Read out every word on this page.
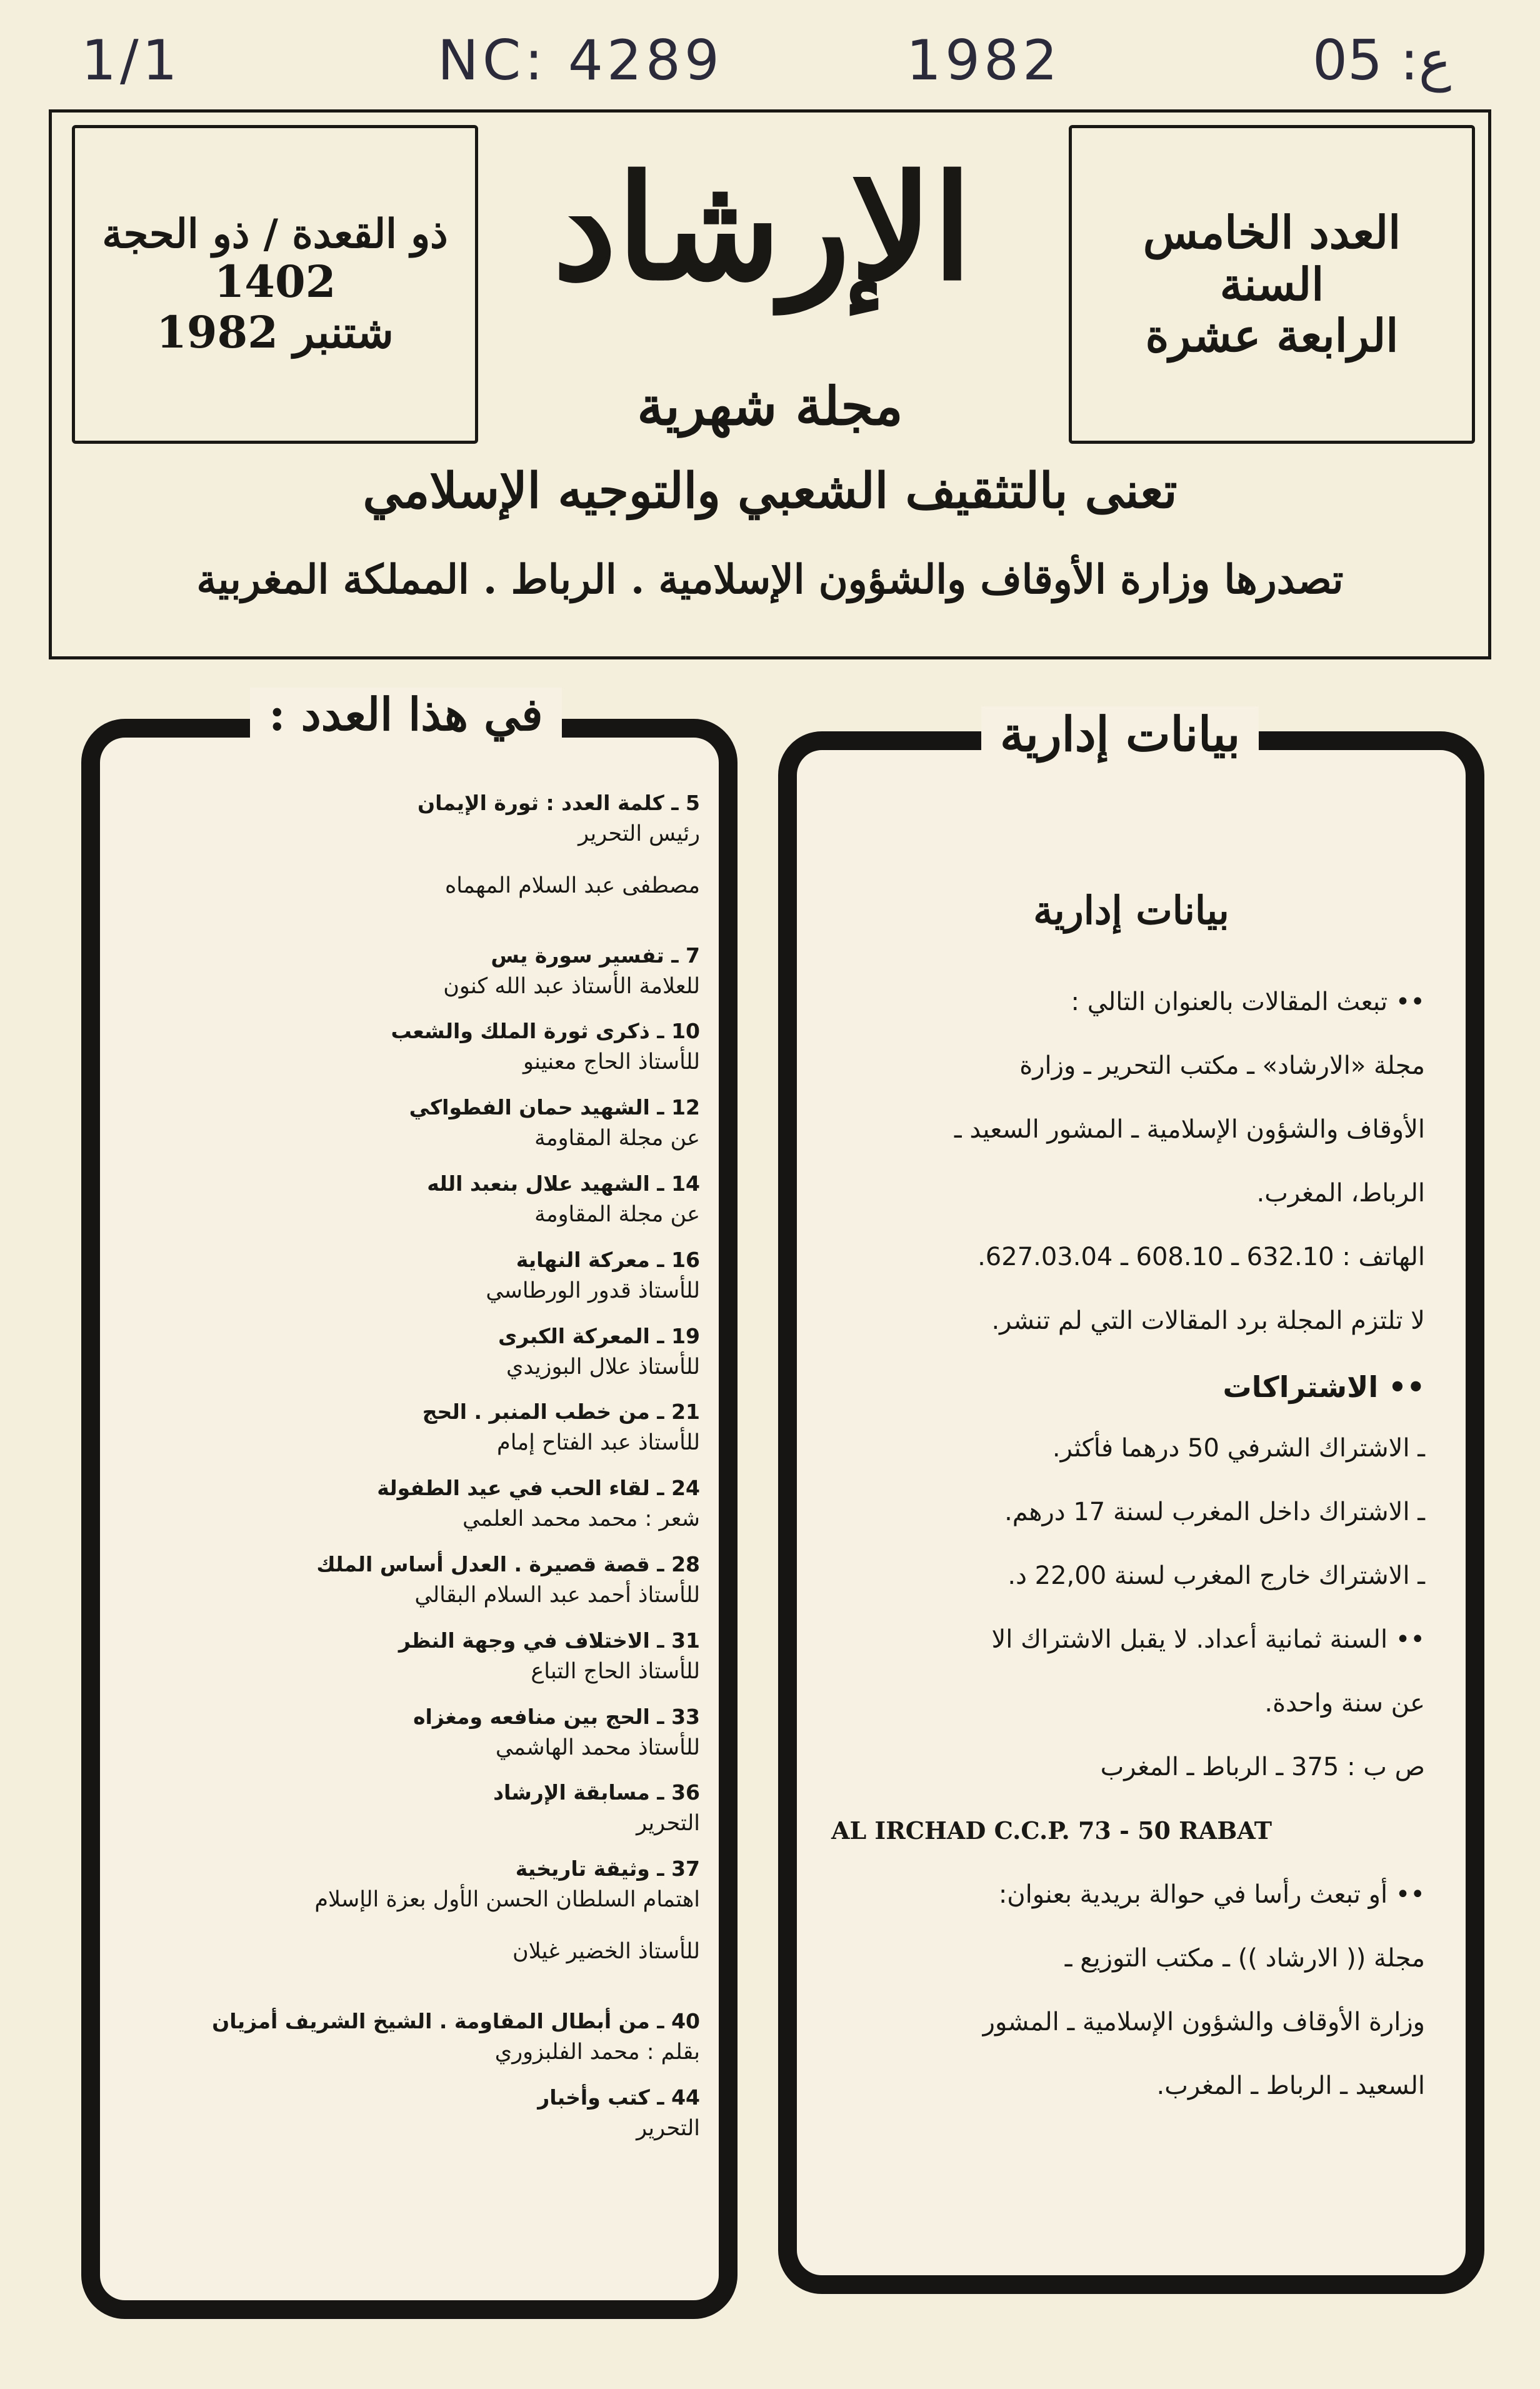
1/1	NC: 4289	1982	ع: 05
العدد الخامس
السنة
الرابعة عشرة
ذو القعدة / ذو الحجة
1402
شتنبر 1982
الإرشاد
مجلة شهرية
تعنى بالتثقيف الشعبي والتوجيه الإسلامي
تصدرها وزارة الأوقاف والشؤون الإسلامية . الرباط . المملكة المغربية
في هذا العدد :
5 ـ كلمة العدد : ثورة الإيمان
رئيس التحرير
مصطفى عبد السلام المهماه
7 ـ تفسير سورة يس
للعلامة الأستاذ عبد الله كنون
10 ـ ذكرى ثورة الملك والشعب
للأستاذ الحاج معنينو
12 ـ الشهيد حمان الفطواكي
عن مجلة المقاومة
14 ـ الشهيد علال بنعبد الله
عن مجلة المقاومة
16 ـ معركة النهاية
للأستاذ قدور الورطاسي
19 ـ المعركة الكبرى
للأستاذ علال البوزيدي
21 ـ من خطب المنبر . الحج
للأستاذ عبد الفتاح إمام
24 ـ لقاء الحب في عيد الطفولة
شعر : محمد محمد العلمي
28 ـ قصة قصيرة . العدل أساس الملك
للأستاذ أحمد عبد السلام البقالي
31 ـ الاختلاف في وجهة النظر
للأستاذ الحاج التباع
33 ـ الحج بين منافعه ومغزاه
للأستاذ محمد الهاشمي
36 ـ مسابقة الإرشاد
التحرير
37 ـ وثيقة تاريخية
اهتمام السلطان الحسن الأول بعزة الإسلام
للأستاذ الخضير غيلان
40 ـ من أبطال المقاومة . الشيخ الشريف أمزيان
بقلم : محمد الفلبزوري
44 ـ كتب وأخبار
التحرير
بيانات إدارية
بيانات إدارية
•• تبعث المقالات بالعنوان التالي :
مجلة «الارشاد» ـ مكتب التحرير ـ وزارة
الأوقاف والشؤون الإسلامية ـ المشور السعيد ـ
الرباط، المغرب.
الهاتف : 632.10 ـ 608.10 ـ 627.03.04.
لا تلتزم المجلة برد المقالات التي لم تنشر.
•• الاشتراكات
ـ الاشتراك الشرفي 50 درهما فأكثر.
ـ الاشتراك داخل المغرب لسنة 17 درهم.
ـ الاشتراك خارج المغرب لسنة 22,00 د.
•• السنة ثمانية أعداد. لا يقبل الاشتراك الا
عن سنة واحدة.
ص ب : 375 ـ الرباط ـ المغرب
AL IRCHAD C.C.P. 73 - 50 RABAT
•• أو تبعث رأسا في حوالة بريدية بعنوان:
مجلة (( الارشاد )) ـ مكتب التوزيع ـ
وزارة الأوقاف والشؤون الإسلامية ـ المشور
السعيد ـ الرباط ـ المغرب.
